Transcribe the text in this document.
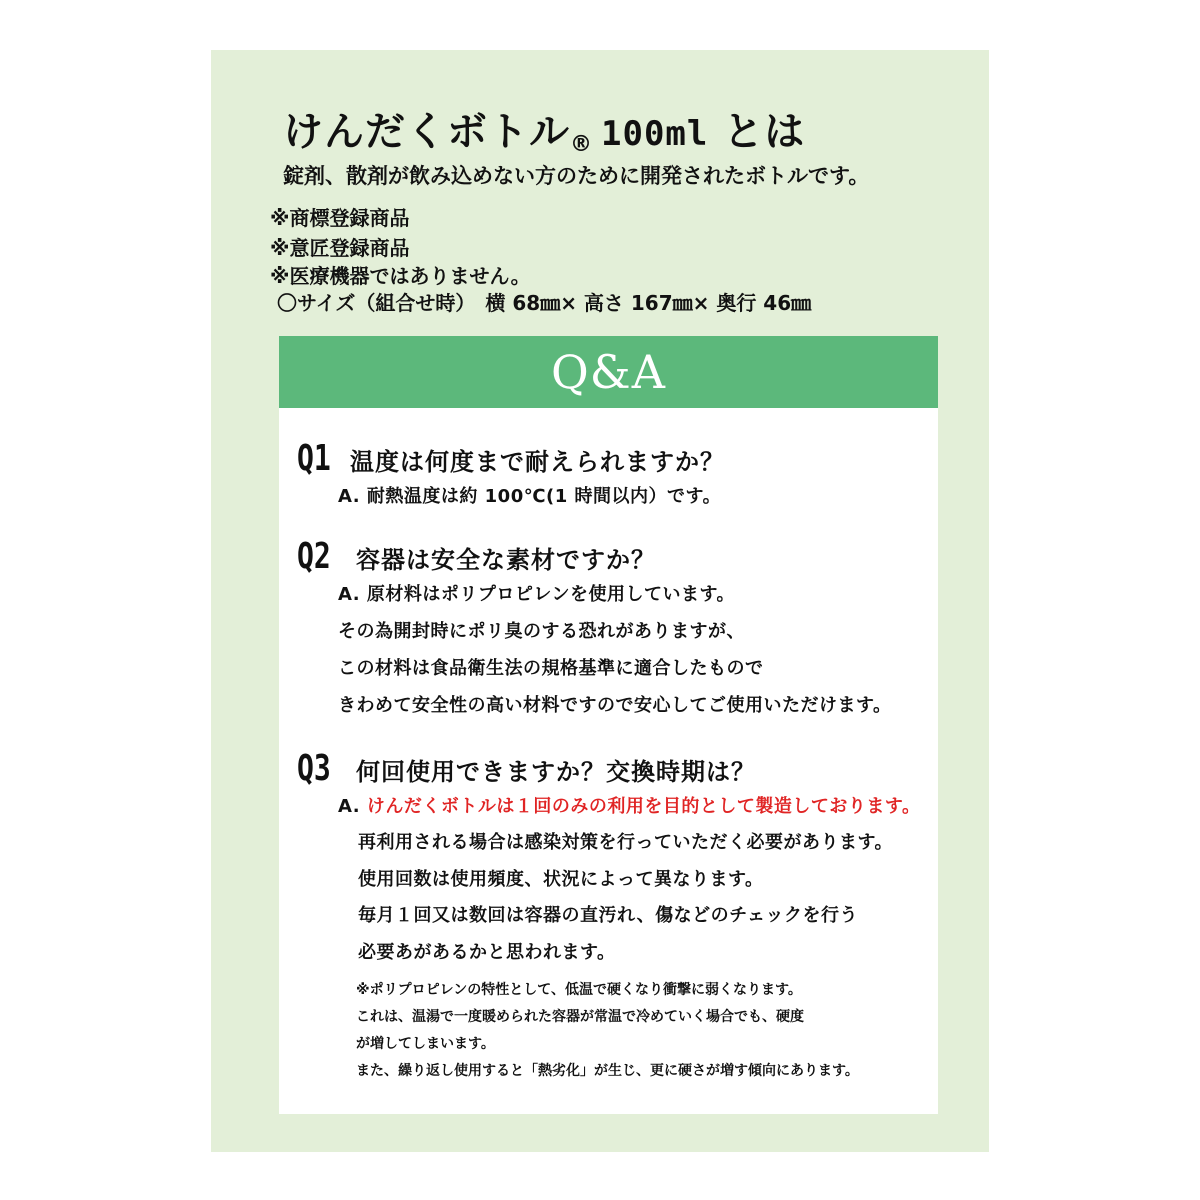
けんだくボトル® 100ml とは
錠剤、散剤が飲み込めない方のために開発されたボトルです。
※商標登録商品
※意匠登録商品
※医療機器ではありません。
〇サイズ（組合せ時）　横 68㎜× 高さ 167㎜× 奥行 46㎜
Q&A
Q1 温度は何度まで耐えられますか？
A. 耐熱温度は約 100℃(1 時間以内）です。
Q2 容器は安全な素材ですか？
A. 原材料はポリプロピレンを使用しています。
その為開封時にポリ臭のする恐れがありますが、
この材料は食品衛生法の規格基準に適合したもので
きわめて安全性の高い材料ですので安心してご使用いただけます。
Q3 何回使用できますか？交換時期は？
A. けんだくボトルは１回のみの利用を目的として製造しております。
再利用される場合は感染対策を行っていただく必要があります。
使用回数は使用頻度、状況によって異なります。
毎月１回又は数回は容器の直汚れ、傷などのチェックを行う
必要あがあるかと思われます。
※ポリプロピレンの特性として、低温で硬くなり衝撃に弱くなります。
これは、温湯で一度暖められた容器が常温で冷めていく場合でも、硬度
が増してしまいます。
また、繰り返し使用すると「熱劣化」が生じ、更に硬さが増す傾向にあります。
